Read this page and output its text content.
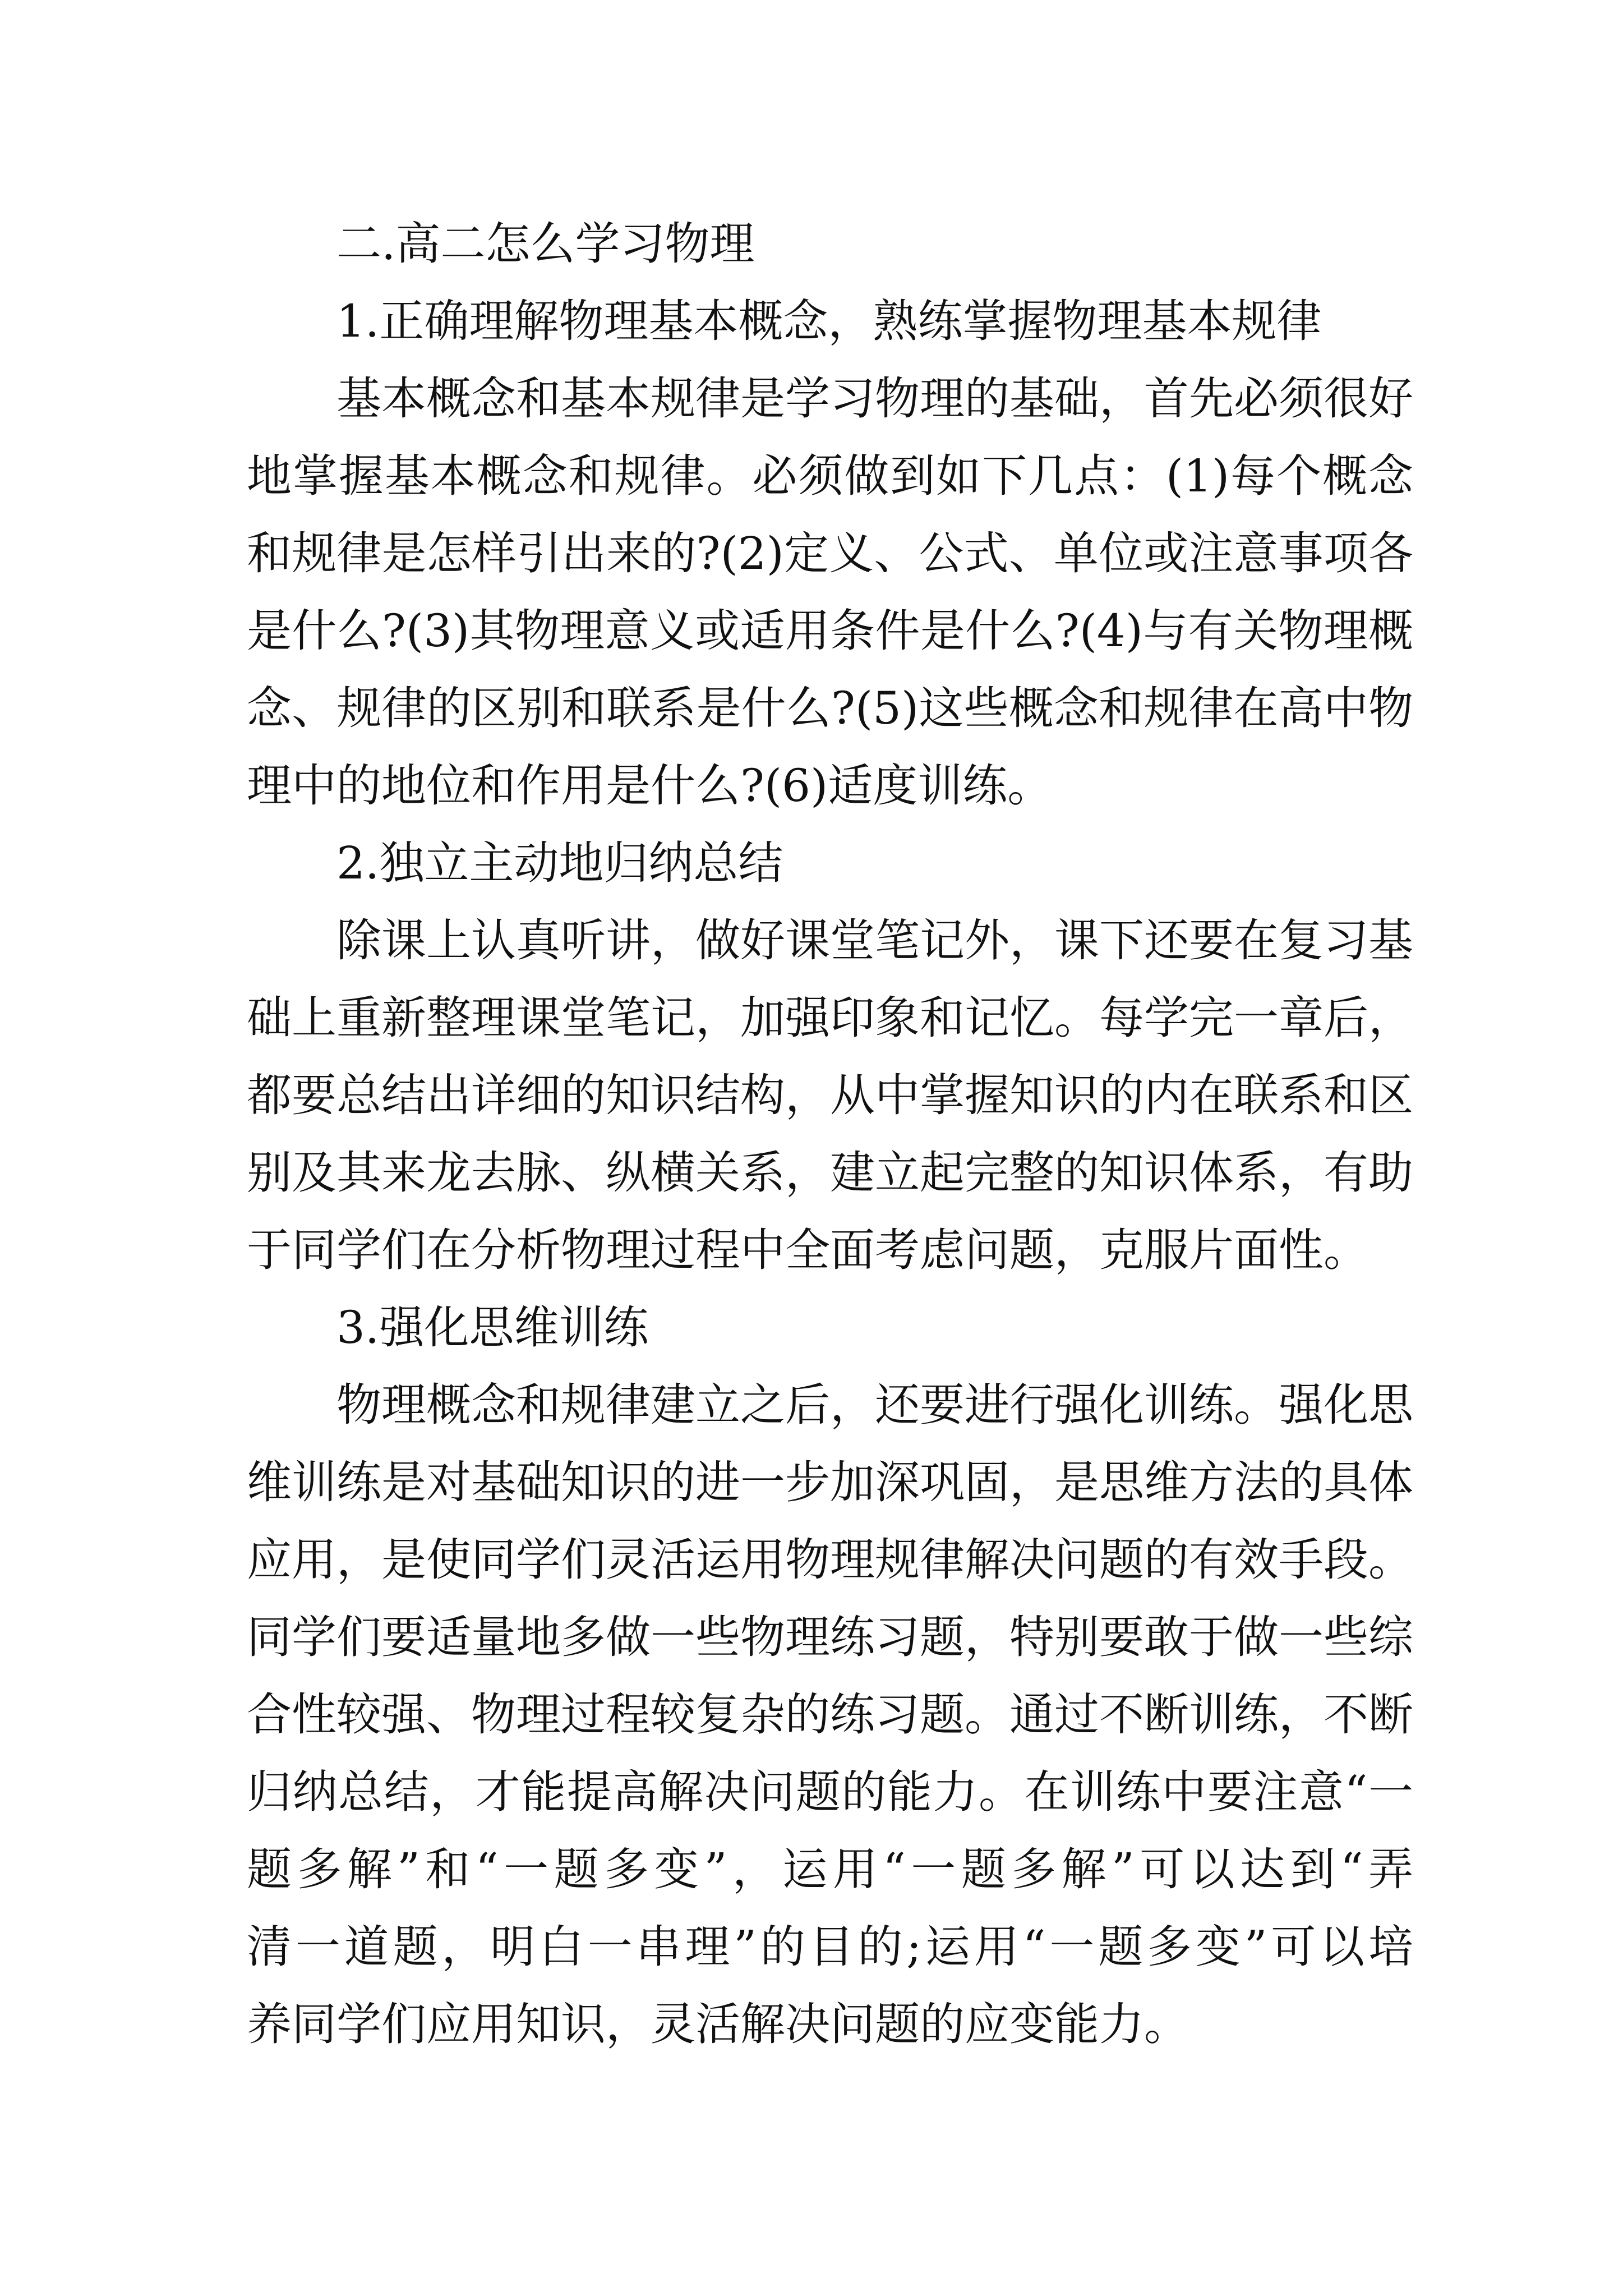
二.高二怎么学习物理
1.正确理解物理基本概念，熟练掌握物理基本规律
基本概念和基本规律是学习物理的基础，首先必须很好
地掌握基本概念和规律。必须做到如下几点：(1)每个概念
和规律是怎样引出来的?(2)定义、公式、单位或注意事项各
是什么?(3)其物理意义或适用条件是什么?(4)与有关物理概
念、规律的区别和联系是什么?(5)这些概念和规律在高中物
理中的地位和作用是什么?(6)适度训练。
2.独立主动地归纳总结
除课上认真听讲，做好课堂笔记外，课下还要在复习基
础上重新整理课堂笔记，加强印象和记忆。每学完一章后，
都要总结出详细的知识结构，从中掌握知识的内在联系和区
别及其来龙去脉、纵横关系，建立起完整的知识体系，有助
于同学们在分析物理过程中全面考虑问题，克服片面性。
3.强化思维训练
物理概念和规律建立之后，还要进行强化训练。强化思
维训练是对基础知识的进一步加深巩固，是思维方法的具体
应用，是使同学们灵活运用物理规律解决问题的有效手段。
同学们要适量地多做一些物理练习题，特别要敢于做一些综
合性较强、物理过程较复杂的练习题。通过不断训练，不断
归纳总结，才能提高解决问题的能力。在训练中要注意“一
题多解”和“一题多变”，运用“一题多解”可以达到“弄
清一道题，明白一串理”的目的;运用“一题多变”可以培
养同学们应用知识，灵活解决问题的应变能力。
